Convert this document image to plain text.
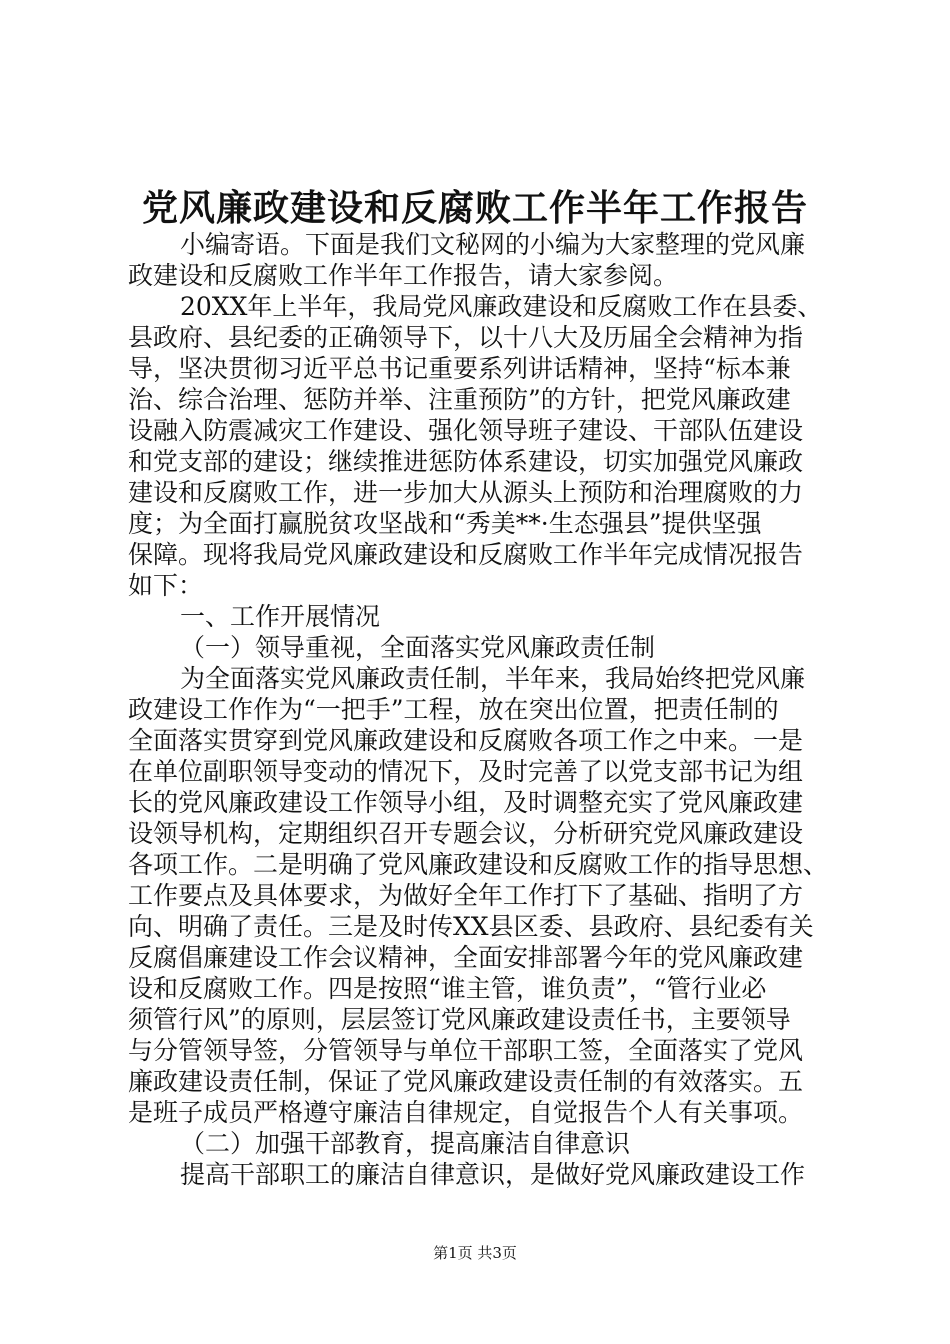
党风廉政建设和反腐败工作半年工作报告
小编寄语。下面是我们文秘网的小编为大家整理的党风廉
政建设和反腐败工作半年工作报告，请大家参阅。
20XX年上半年，我局党风廉政建设和反腐败工作在县委、
县政府、县纪委的正确领导下，以十八大及历届全会精神为指
导，坚决贯彻习近平总书记重要系列讲话精神，坚持“标本兼
治、综合治理、惩防并举、注重预防”的方针，把党风廉政建
设融入防震减灾工作建设、强化领导班子建设、干部队伍建设
和党支部的建设；继续推进惩防体系建设，切实加强党风廉政
建设和反腐败工作，进一步加大从源头上预防和治理腐败的力
度；为全面打赢脱贫攻坚战和“秀美**·生态强县”提供坚强
保障。现将我局党风廉政建设和反腐败工作半年完成情况报告
如下：
一、工作开展情况
（一）领导重视，全面落实党风廉政责任制
为全面落实党风廉政责任制，半年来，我局始终把党风廉
政建设工作作为“一把手”工程，放在突出位置，把责任制的
全面落实贯穿到党风廉政建设和反腐败各项工作之中来。一是
在单位副职领导变动的情况下，及时完善了以党支部书记为组
长的党风廉政建设工作领导小组，及时调整充实了党风廉政建
设领导机构，定期组织召开专题会议，分析研究党风廉政建设
各项工作。二是明确了党风廉政建设和反腐败工作的指导思想、
工作要点及具体要求，为做好全年工作打下了基础、指明了方
向、明确了责任。三是及时传XX县区委、县政府、县纪委有关
反腐倡廉建设工作会议精神，全面安排部署今年的党风廉政建
设和反腐败工作。四是按照“谁主管，谁负责”，“管行业必
须管行风”的原则，层层签订党风廉政建设责任书，主要领导
与分管领导签，分管领导与单位干部职工签，全面落实了党风
廉政建设责任制，保证了党风廉政建设责任制的有效落实。五
是班子成员严格遵守廉洁自律规定，自觉报告个人有关事项。
（二）加强干部教育，提高廉洁自律意识
提高干部职工的廉洁自律意识，是做好党风廉政建设工作
第1页 共3页
